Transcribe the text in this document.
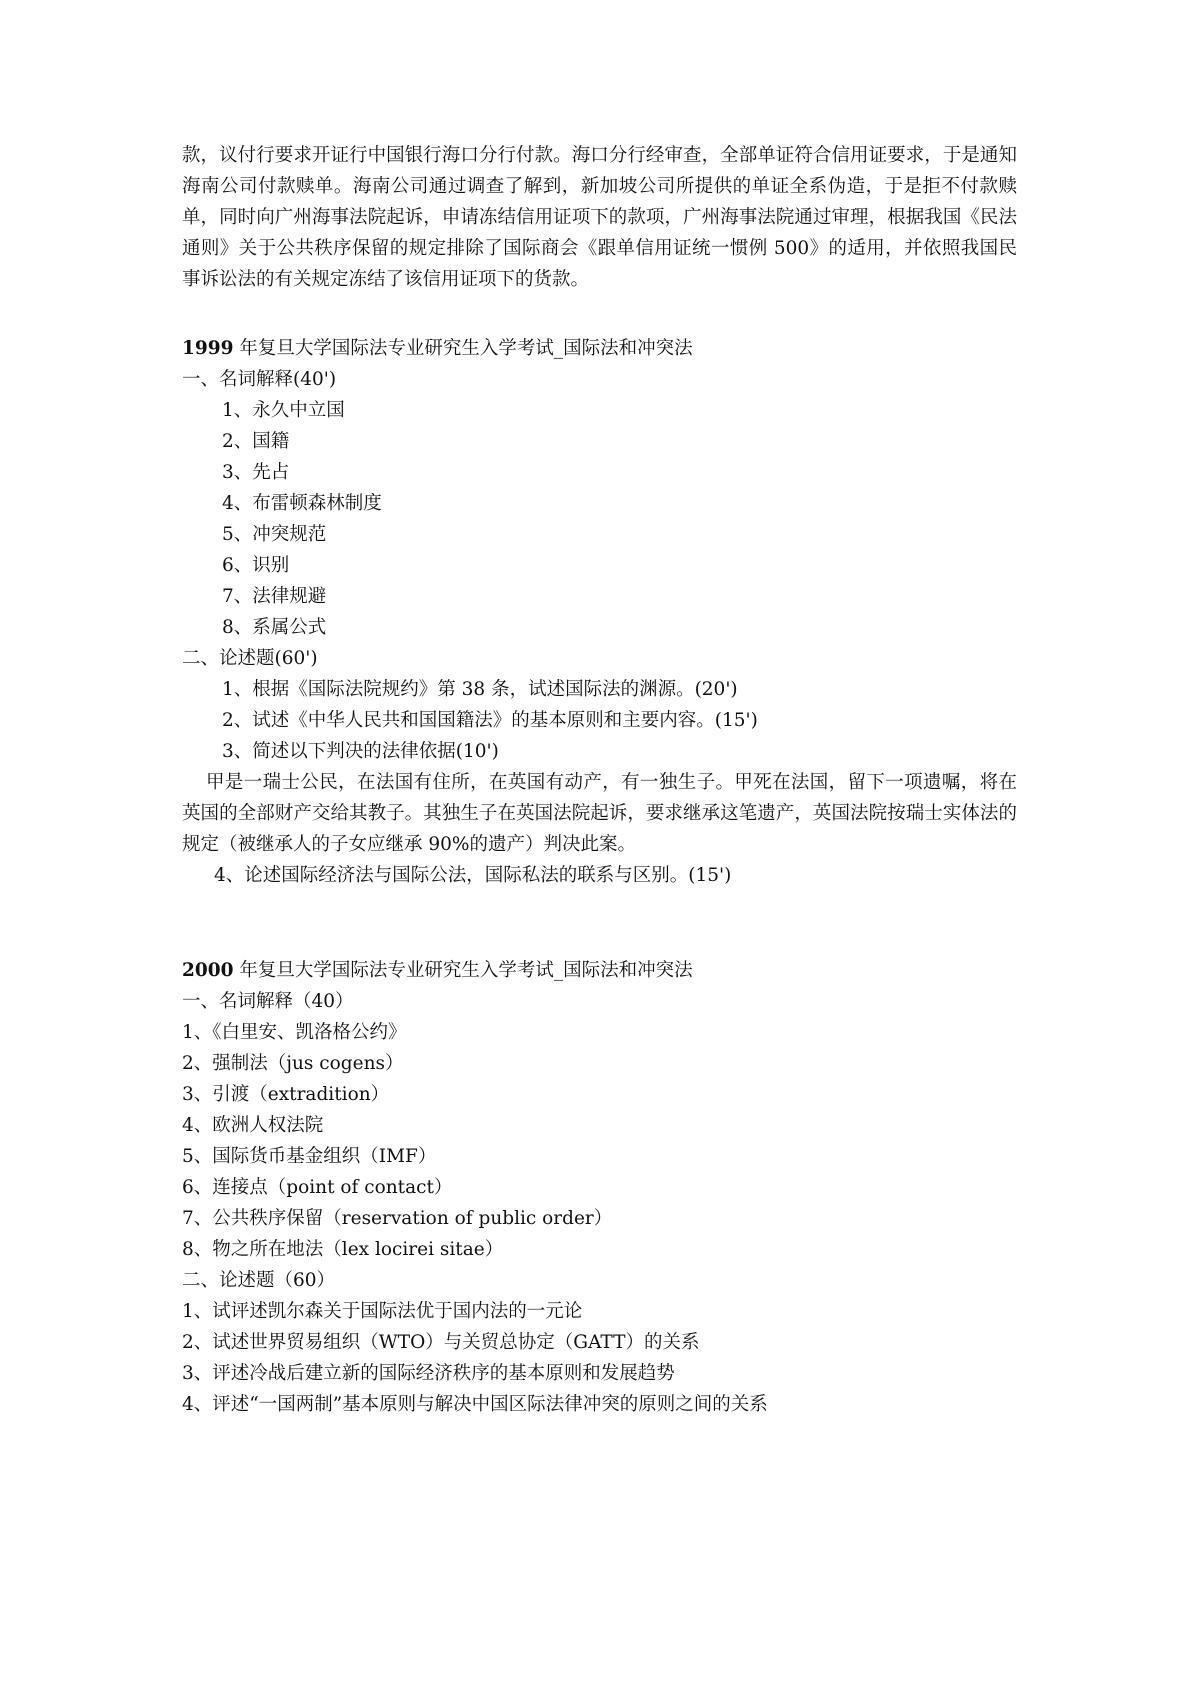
款，议付行要求开证行中国银行海口分行付款。海口分行经审查，全部单证符合信用证要求，于是通知海南公司付款赎单。海南公司通过调查了解到，新加坡公司所提供的单证全系伪造，于是拒不付款赎单，同时向广州海事法院起诉，申请冻结信用证项下的款项，广州海事法院通过审理，根据我国《民法通则》关于公共秩序保留的规定排除了国际商会《跟单信用证统一惯例 500》的适用，并依照我国民事诉讼法的有关规定冻结了该信用证项下的货款。

1999 年复旦大学国际法专业研究生入学考试_国际法和冲突法
一、名词解释(40')
1、永久中立国
2、国籍
3、先占
4、布雷顿森林制度
5、冲突规范
6、识别
7、法律规避
8、系属公式
二、论述题(60')
1、根据《国际法院规约》第 38 条，试述国际法的渊源。(20')
2、试述《中华人民共和国国籍法》的基本原则和主要内容。(15')
3、简述以下判决的法律依据(10')
甲是一瑞士公民，在法国有住所，在英国有动产，有一独生子。甲死在法国，留下一项遗嘱，将在英国的全部财产交给其教子。其独生子在英国法院起诉，要求继承这笔遗产，英国法院按瑞士实体法的规定（被继承人的子女应继承 90%的遗产）判决此案。
4、论述国际经济法与国际公法，国际私法的联系与区别。(15')
2000 年复旦大学国际法专业研究生入学考试_国际法和冲突法
一、名词解释（40）
1、《白里安、凯洛格公约》
2、强制法（jus cogens）
3、引渡（extradition）
4、欧洲人权法院
5、国际货币基金组织（IMF）
6、连接点（point of contact）
7、公共秩序保留（reservation of public order）
8、物之所在地法（lex locirei sitae）
二、论述题（60）
1、试评述凯尔森关于国际法优于国内法的一元论
2、试述世界贸易组织（WTO）与关贸总协定（GATT）的关系
3、评述冷战后建立新的国际经济秩序的基本原则和发展趋势
4、评述“一国两制”基本原则与解决中国区际法律冲突的原则之间的关系
